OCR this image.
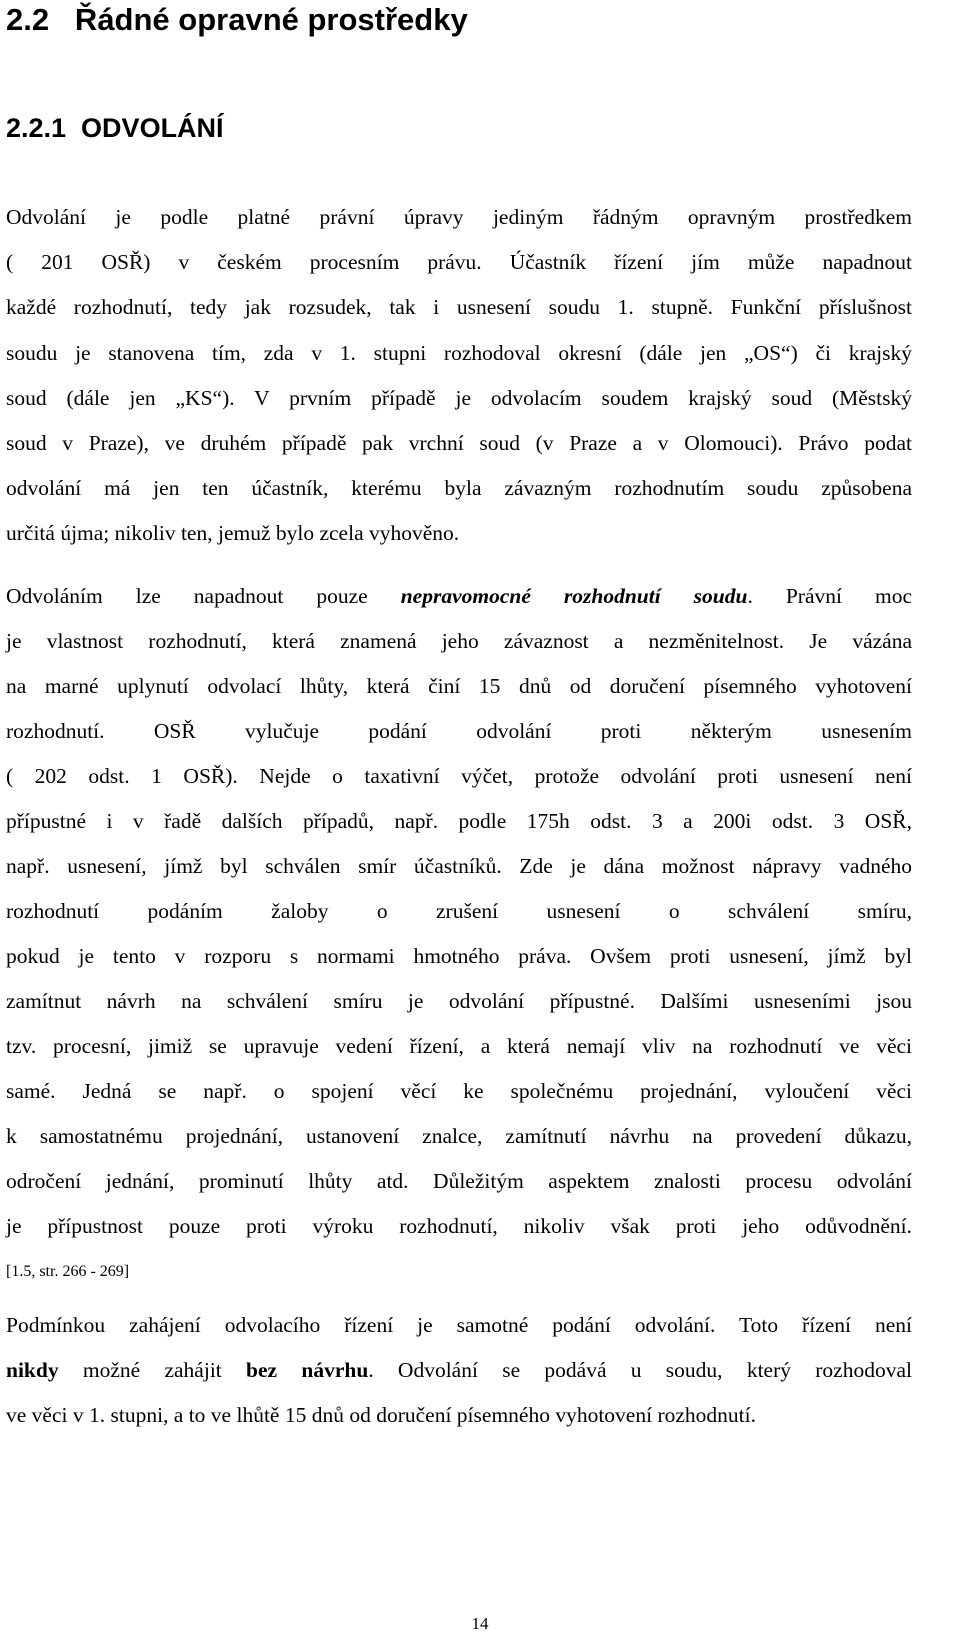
2.2   Řádné opravné prostředky
2.2.1  ODVOLÁNÍ
Odvolání je podle platné právní úpravy jediným řádným opravným prostředkem
( 201 OSŘ) v českém procesním právu. Účastník řízení jím může napadnout
každé rozhodnutí, tedy jak rozsudek, tak i usnesení soudu 1. stupně. Funkční příslušnost
soudu je stanovena tím, zda v 1. stupni rozhodoval okresní (dále jen „OS“) či krajský
soud (dále jen „KS“). V prvním případě je odvolacím soudem krajský soud (Městský
soud v Praze), ve druhém případě pak vrchní soud (v Praze a v Olomouci). Právo podat
odvolání má jen ten účastník, kterému byla závazným rozhodnutím soudu způsobena
určitá újma; nikoliv ten, jemuž bylo zcela vyhověno.
Odvoláním lze napadnout pouze nepravomocné rozhodnutí soudu. Právní moc
je vlastnost rozhodnutí, která znamená jeho závaznost a nezměnitelnost. Je vázána
na marné uplynutí odvolací lhůty, která činí 15 dnů od doručení písemného vyhotovení
rozhodnutí. OSŘ vylučuje podání odvolání proti některým usnesením
( 202 odst. 1 OSŘ). Nejde o taxativní výčet, protože odvolání proti usnesení není
přípustné i v řadě dalších případů, např. podle 175h odst. 3 a 200i odst. 3 OSŘ,
např. usnesení, jímž byl schválen smír účastníků. Zde je dána možnost nápravy vadného
rozhodnutí podáním žaloby o zrušení usnesení o schválení smíru,
pokud je tento v rozporu s normami hmotného práva. Ovšem proti usnesení, jímž byl
zamítnut návrh na schválení smíru je odvolání přípustné. Dalšími usneseními jsou
tzv. procesní, jimiž se upravuje vedení řízení, a která nemají vliv na rozhodnutí ve věci
samé. Jedná se např. o spojení věcí ke společnému projednání, vyloučení věci
k samostatnému projednání, ustanovení znalce, zamítnutí návrhu na provedení důkazu,
odročení jednání, prominutí lhůty atd. Důležitým aspektem znalosti procesu odvolání
je přípustnost pouze proti výroku rozhodnutí, nikoliv však proti jeho odůvodnění.
[1.5, str. 266 - 269]
Podmínkou zahájení odvolacího řízení je samotné podání odvolání. Toto řízení není
nikdy možné zahájit bez návrhu. Odvolání se podává u soudu, který rozhodoval
ve věci v 1. stupni, a to ve lhůtě 15 dnů od doručení písemného vyhotovení rozhodnutí.
14
